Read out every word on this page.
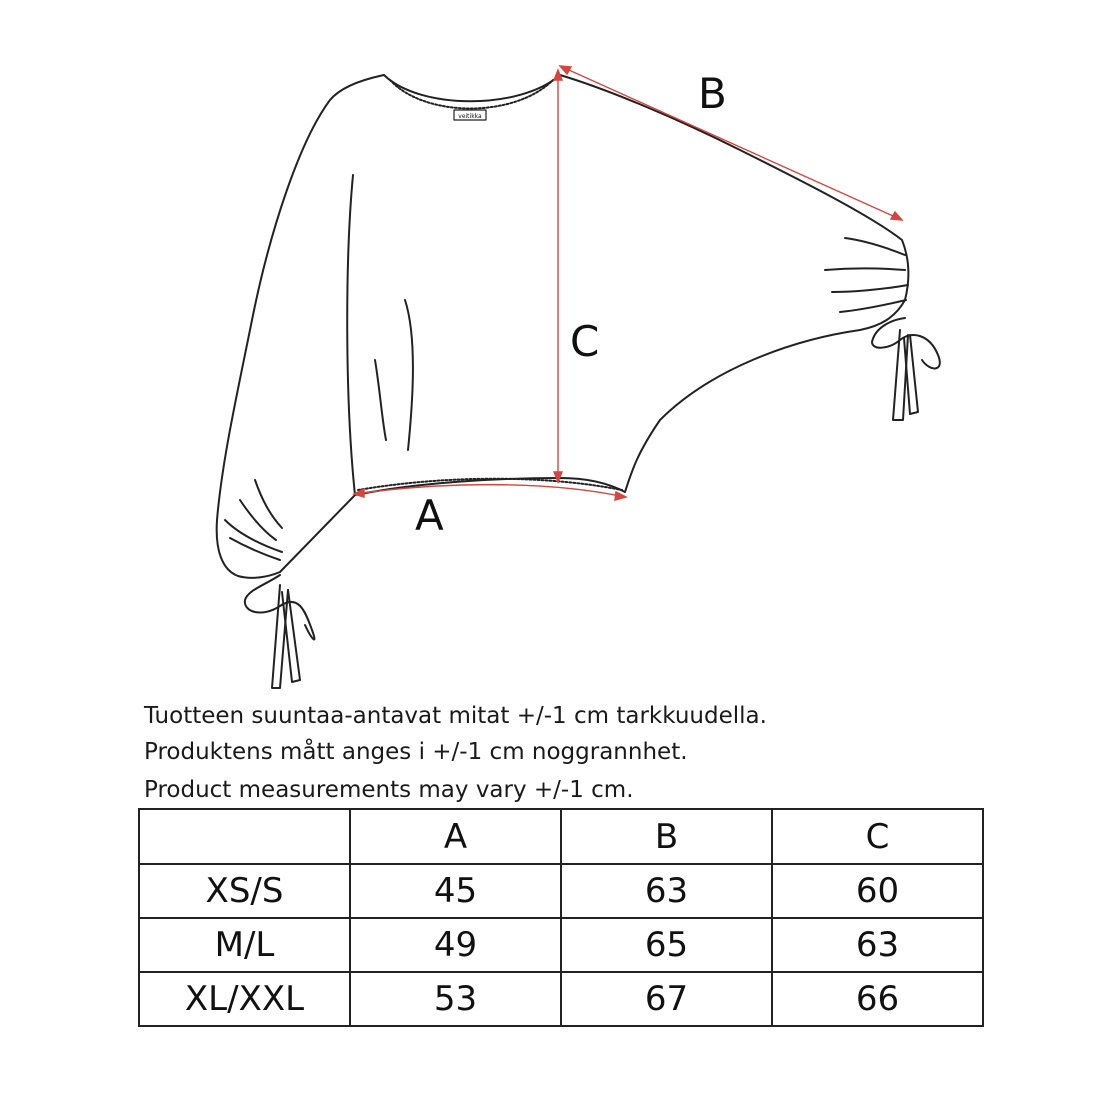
B
C
A
veitikka
Tuotteen suuntaa-antavat mitat +/-1 cm tarkkuudella.
Produktens mått anges i +/-1 cm noggrannhet.
Product measurements may vary +/-1 cm.
	A	B	C
XS/S	45	63	60
M/L	49	65	63
XL/XXL	53	67	66
